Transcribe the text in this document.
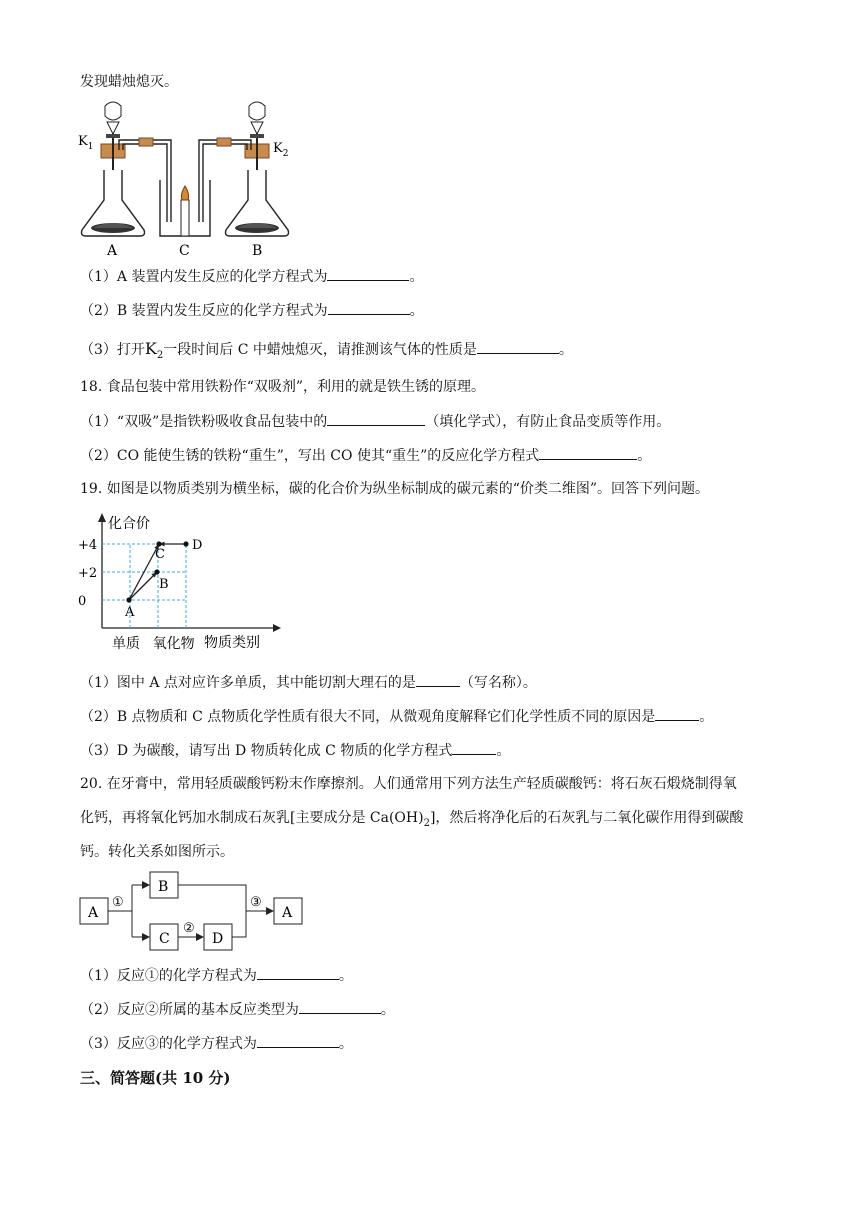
发现蜡烛熄灭。
$K_1$	$K_2$
A	C	B
（1）A 装置内发生反应的化学方程式为	。
（2）B 装置内发生反应的化学方程式为	。
（3）打开$K_2$一段时间后 C 中蜡烛熄灭，请推测该气体的性质是	。
18. 食品包装中常用铁粉作“双吸剂”，利用的就是铁生锈的原理。
（1）“双吸”是指铁粉吸收食品包装中的	（填化学式），有防止食品变质等作用。
（2）CO 能使生锈的铁粉“重生”，写出 CO 使其“重生”的反应化学方程式	。
19. 如图是以物质类别为横坐标，碳的化合价为纵坐标制成的碳元素的“价类二维图”。回答下列问题。
化合价
物质类别
+4
+2
0
单质 氧化物
A
B
C
D
（1）图中 A 点对应许多单质，其中能切割大理石的是	（写名称）。
（2）B 点物质和 C 点物质化学性质有很大不同，从微观角度解释它们化学性质不同的原因是	。
（3）D 为碳酸，请写出 D 物质转化成 C 物质的化学方程式	。
20. 在牙膏中，常用轻质碳酸钙粉末作摩擦剂。人们通常用下列方法生产轻质碳酸钙：将石灰石煅烧制得氧
化钙，再将氧化钙加水制成石灰乳[主要成分是 $Ca(OH)_2$]，然后将净化后的石灰乳与二氧化碳作用得到碳酸
钙。转化关系如图所示。
A
B
C	D
A
①
②
③
（1）反应①的化学方程式为	。
（2）反应②所属的基本反应类型为	。
（3）反应③的化学方程式为	。
三、简答题(共 10 分)
